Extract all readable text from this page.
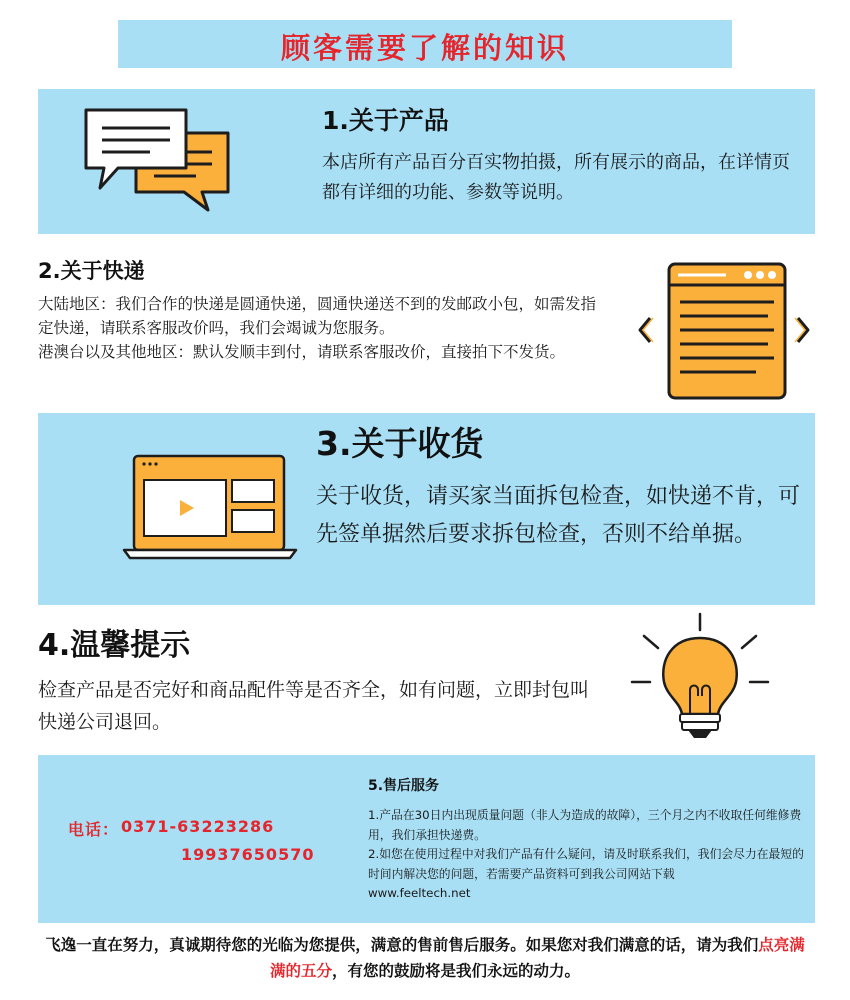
顾客需要了解的知识
1.关于产品
本店所有产品百分百实物拍摄，所有展示的商品，在详情页都有详细的功能、参数等说明。
2.关于快递
大陆地区：我们合作的快递是圆通快递，圆通快递送不到的发邮政小包，如需发指定快递，请联系客服改价吗，我们会竭诚为您服务。
港澳台以及其他地区：默认发顺丰到付，请联系客服改价，直接拍下不发货。
3.关于收货
关于收货，请买家当面拆包检查，如快递不肯，可先签单据然后要求拆包检查，否则不给单据。
4.温馨提示
检查产品是否完好和商品配件等是否齐全，如有问题，立即封包叫快递公司退回。
电话： 0371-63223286
19937650570
5.售后服务
1.产品在30日内出现质量问题（非人为造成的故障），三个月之内不收取任何维修费用，我们承担快递费。
2.如您在使用过程中对我们产品有什么疑问，请及时联系我们，我们会尽力在最短的时间内解决您的问题，若需要产品资料可到我公司网站下载
www.feeltech.net
飞逸一直在努力，真诚期待您的光临为您提供，满意的售前售后服务。如果您对我们满意的话，请为我们点亮满满的五分，有您的鼓励将是我们永远的动力。
